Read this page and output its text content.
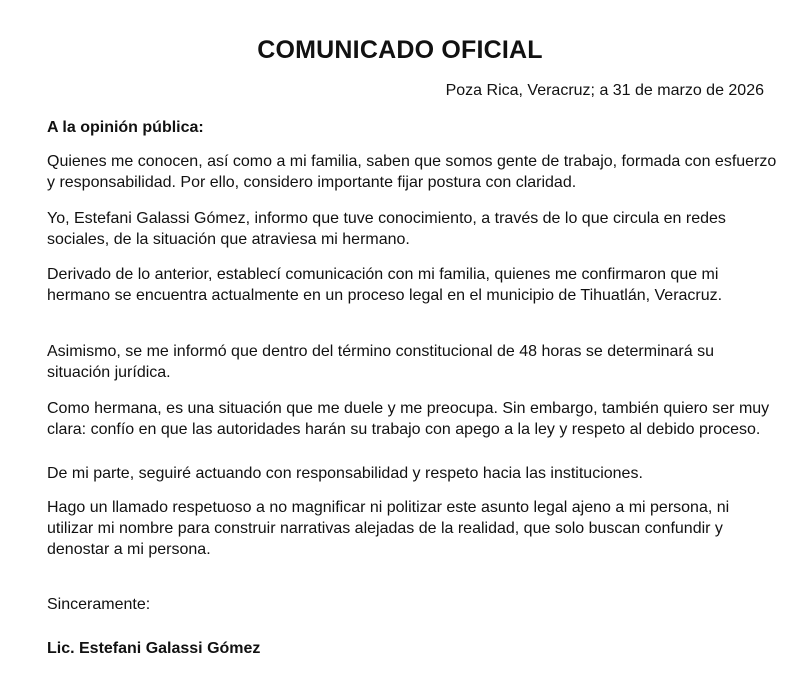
COMUNICADO OFICIAL
Poza Rica, Veracruz; a 31 de marzo de 2026
A la opinión pública:

Quienes me conocen, así como a mi familia, saben que somos gente de trabajo, formada con esfuerzo y responsabilidad. Por ello, considero importante fijar postura con claridad.

Yo, Estefani Galassi Gómez, informo que tuve conocimiento, a través de lo que circula en redes sociales, de la situación que atraviesa mi hermano.

Derivado de lo anterior, establecí comunicación con mi familia, quienes me confirmaron que mi hermano se encuentra actualmente en un proceso legal en el municipio de Tihuatlán, Veracruz.

Asimismo, se me informó que dentro del término constitucional de 48 horas se determinará su situación jurídica.

Como hermana, es una situación que me duele y me preocupa. Sin embargo, también quiero ser muy clara: confío en que las autoridades harán su trabajo con apego a la ley y respeto al debido proceso.

De mi parte, seguiré actuando con responsabilidad y respeto hacia las instituciones.

Hago un llamado respetuoso a no magnificar ni politizar este asunto legal ajeno a mi persona, ni utilizar mi nombre para construir narrativas alejadas de la realidad, que solo buscan confundir y denostar a mi persona.

Sinceramente:
Lic. Estefani Galassi Gómez
